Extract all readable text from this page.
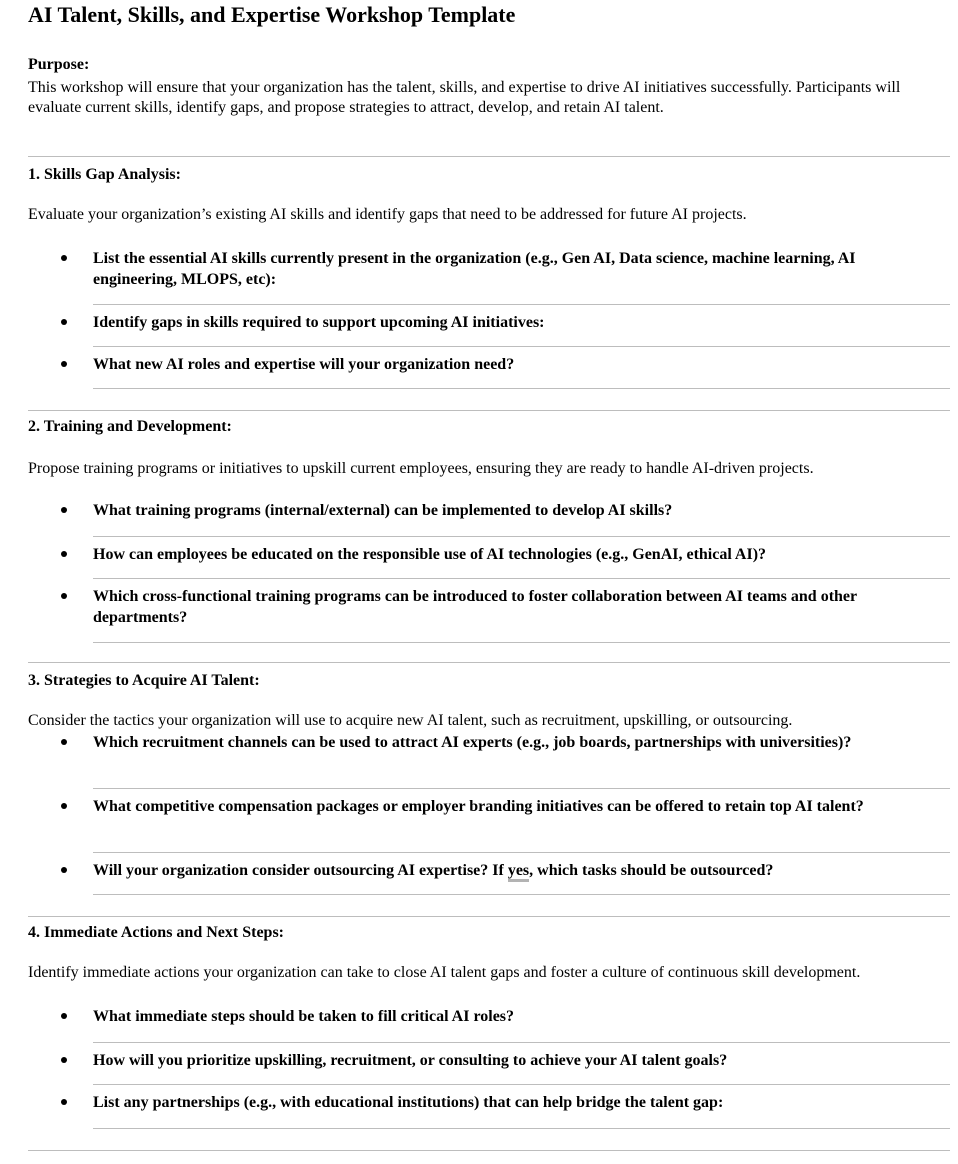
AI Talent, Skills, and Expertise Workshop Template
Purpose:
This workshop will ensure that your organization has the talent, skills, and expertise to drive AI initiatives successfully. Participants will evaluate current skills, identify gaps, and propose strategies to attract, develop, and retain AI talent.
1. Skills Gap Analysis:
Evaluate your organization’s existing AI skills and identify gaps that need to be addressed for future AI projects.
List the essential AI skills currently present in the organization (e.g., Gen AI, Data science, machine learning, AI engineering, MLOPS, etc):
Identify gaps in skills required to support upcoming AI initiatives:
What new AI roles and expertise will your organization need?
2. Training and Development:
Propose training programs or initiatives to upskill current employees, ensuring they are ready to handle AI-driven projects.
What training programs (internal/external) can be implemented to develop AI skills?
How can employees be educated on the responsible use of AI technologies (e.g., GenAI, ethical AI)?
Which cross-functional training programs can be introduced to foster collaboration between AI teams and other departments?
3. Strategies to Acquire AI Talent:
Consider the tactics your organization will use to acquire new AI talent, such as recruitment, upskilling, or outsourcing.
Which recruitment channels can be used to attract AI experts (e.g., job boards, partnerships with universities)?
What competitive compensation packages or employer branding initiatives can be offered to retain top AI talent?
Will your organization consider outsourcing AI expertise? If yes, which tasks should be outsourced?
4. Immediate Actions and Next Steps:
Identify immediate actions your organization can take to close AI talent gaps and foster a culture of continuous skill development.
What immediate steps should be taken to fill critical AI roles?
How will you prioritize upskilling, recruitment, or consulting to achieve your AI talent goals?
List any partnerships (e.g., with educational institutions) that can help bridge the talent gap:
